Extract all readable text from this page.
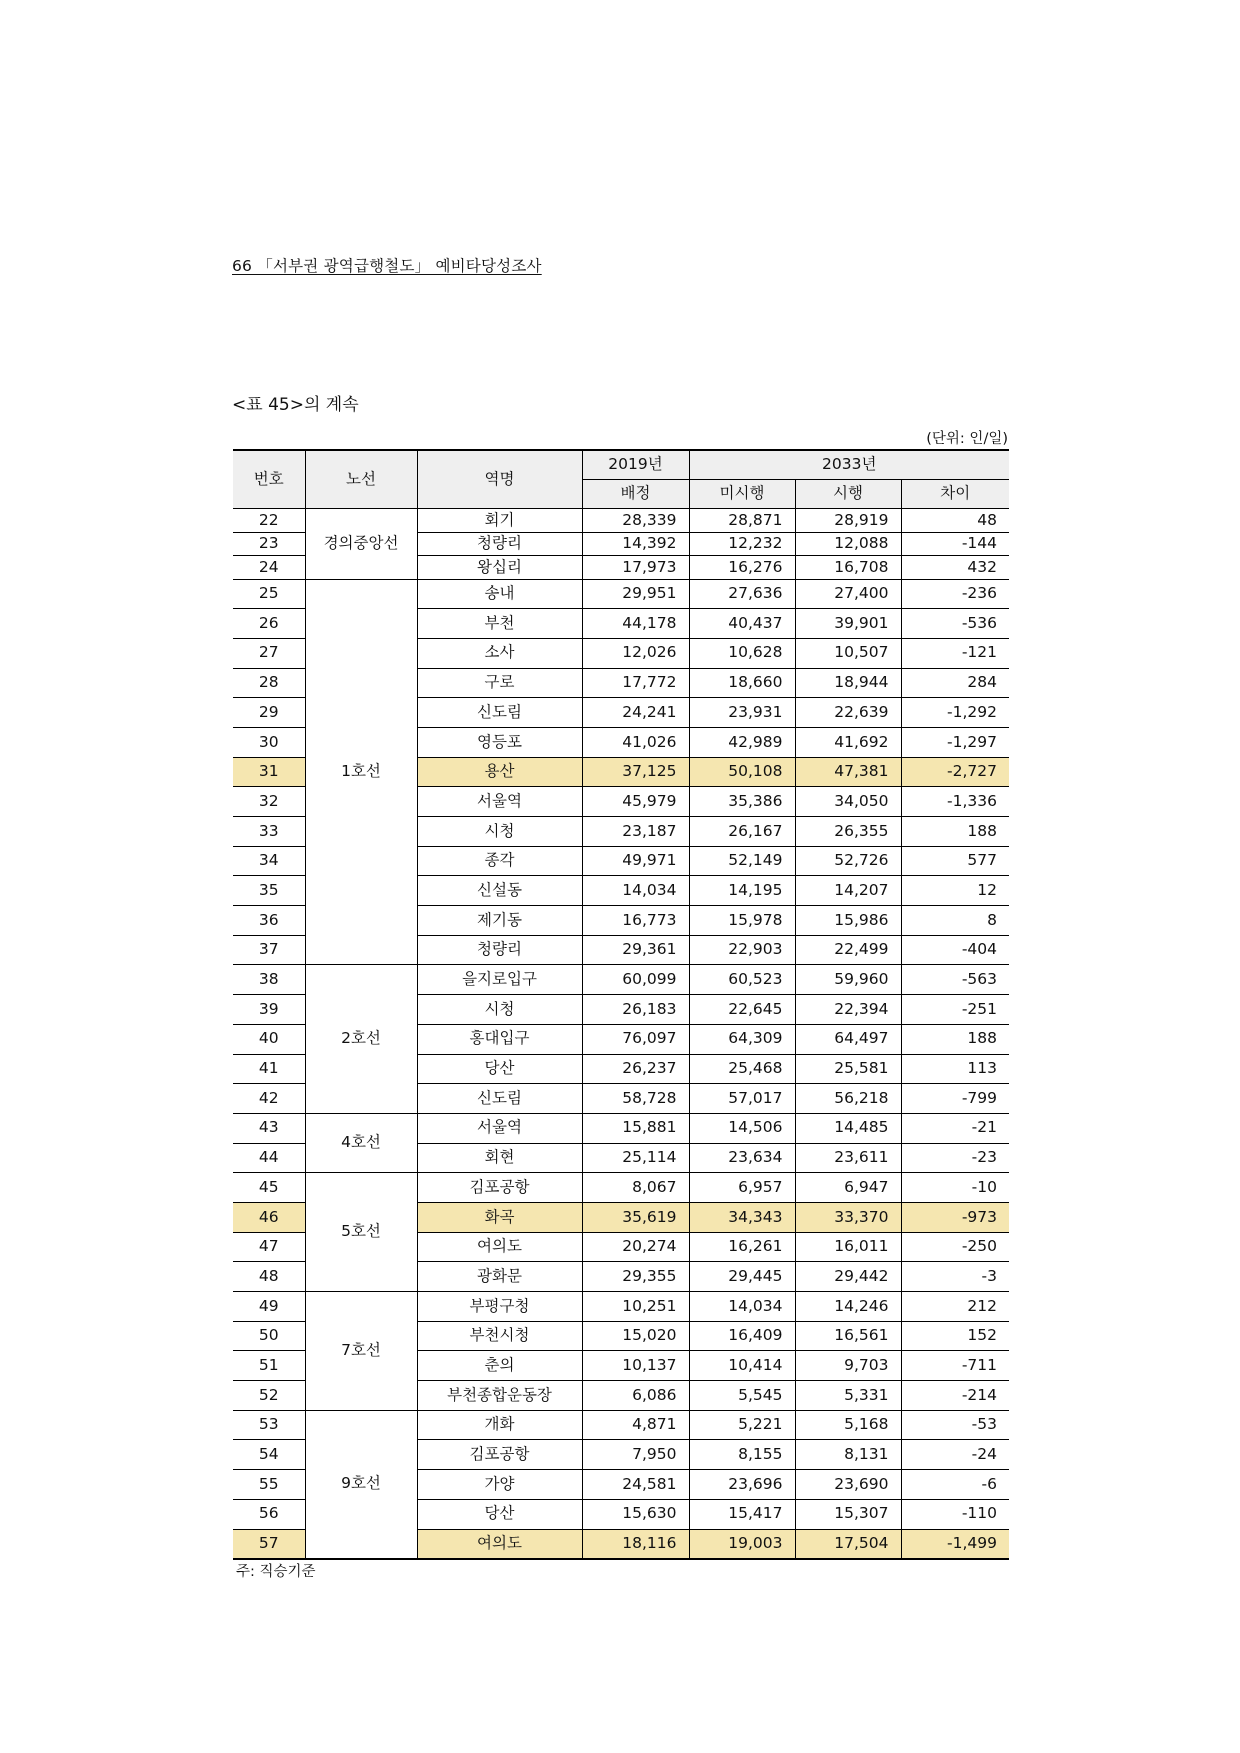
66 「서부권 광역급행철도」 예비타당성조사
<표 45>의 계속
(단위: 인/일)
번호	노선	역명	2019년	2033년		
			배정	미시행	시행	차이
22	경의중앙선	회기	28,339	28,871	28,919	48
23		청량리	14,392	12,232	12,088	-144
24		왕십리	17,973	16,276	16,708	432
25	1호선	송내	29,951	27,636	27,400	-236
26		부천	44,178	40,437	39,901	-536
27		소사	12,026	10,628	10,507	-121
28		구로	17,772	18,660	18,944	284
29		신도림	24,241	23,931	22,639	-1,292
30		영등포	41,026	42,989	41,692	-1,297
31		용산	37,125	50,108	47,381	-2,727
32		서울역	45,979	35,386	34,050	-1,336
33		시청	23,187	26,167	26,355	188
34		종각	49,971	52,149	52,726	577
35		신설동	14,034	14,195	14,207	12
36		제기동	16,773	15,978	15,986	8
37		청량리	29,361	22,903	22,499	-404
38	2호선	을지로입구	60,099	60,523	59,960	-563
39		시청	26,183	22,645	22,394	-251
40		홍대입구	76,097	64,309	64,497	188
41		당산	26,237	25,468	25,581	113
42		신도림	58,728	57,017	56,218	-799
43	4호선	서울역	15,881	14,506	14,485	-21
44		회현	25,114	23,634	23,611	-23
45	5호선	김포공항	8,067	6,957	6,947	-10
46		화곡	35,619	34,343	33,370	-973
47		여의도	20,274	16,261	16,011	-250
48		광화문	29,355	29,445	29,442	-3
49	7호선	부평구청	10,251	14,034	14,246	212
50		부천시청	15,020	16,409	16,561	152
51		춘의	10,137	10,414	9,703	-711
52		부천종합운동장	6,086	5,545	5,331	-214
53	9호선	개화	4,871	5,221	5,168	-53
54		김포공항	7,950	8,155	8,131	-24
55		가양	24,581	23,696	23,690	-6
56		당산	15,630	15,417	15,307	-110
57		여의도	18,116	19,003	17,504	-1,499
주: 직승기준
